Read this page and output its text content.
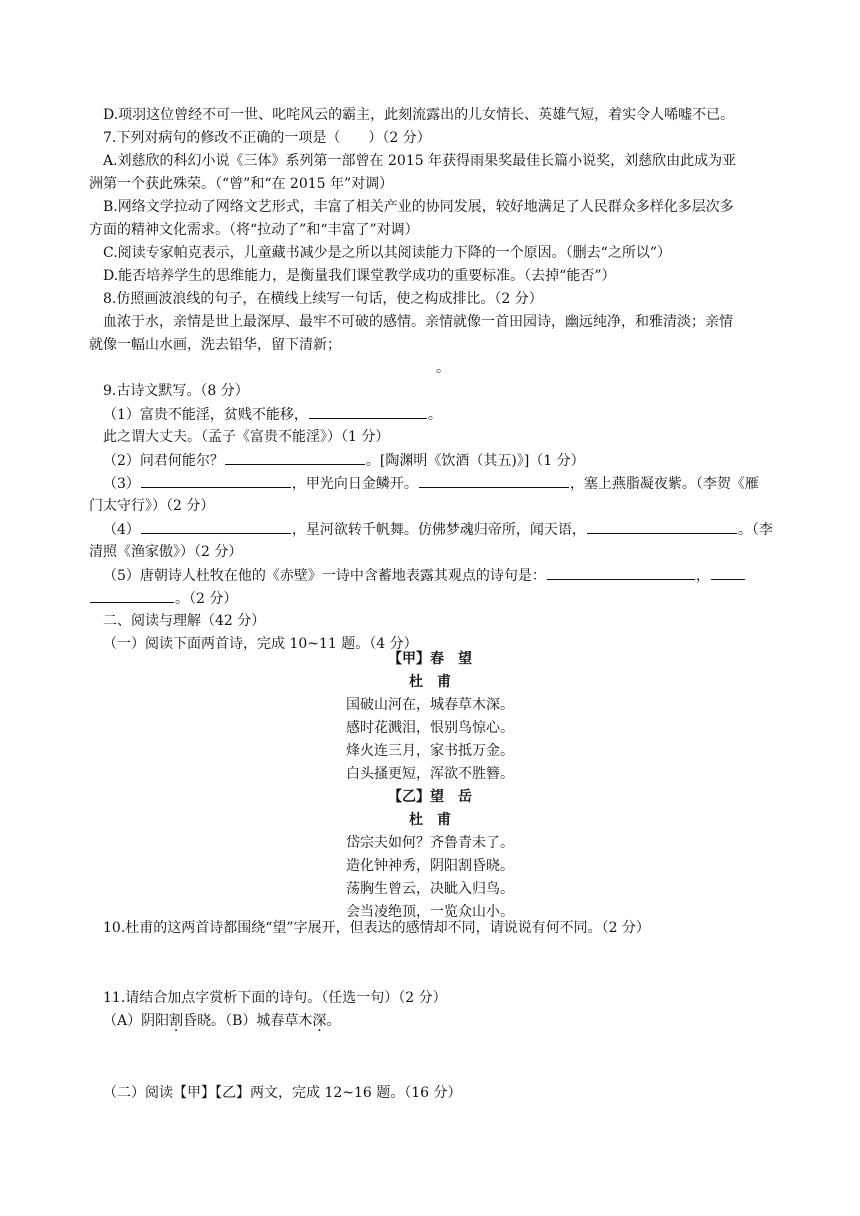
D.项羽这位曾经不可一世、叱咤风云的霸主，此刻流露出的儿女情长、英雄气短，着实令人唏嘘不已。
7.下列对病句的修改不正确的一项是（　　）（2 分）
A.刘慈欣的科幻小说《三体》系列第一部曾在 2015 年获得雨果奖最佳长篇小说奖，刘慈欣由此成为亚
洲第一个获此殊荣。（“曾”和“在 2015 年”对调）
B.网络文学拉动了网络文艺形式，丰富了相关产业的协同发展，较好地满足了人民群众多样化多层次多
方面的精神文化需求。（将“拉动了”和“丰富了”对调）
C.阅读专家帕克表示，儿童藏书减少是之所以其阅读能力下降的一个原因。（删去“之所以”）
D.能否培养学生的思维能力，是衡量我们课堂教学成功的重要标准。（去掉“能否”）
8.仿照画波浪线的句子，在横线上续写一句话，使之构成排比。（2 分）
血浓于水，亲情是世上最深厚、最牢不可破的感情。亲情就像一首田园诗，幽远纯净，和雅清淡；亲情
就像一幅山水画，洗去铅华，留下清新；
。
9.古诗文默写。（8 分）
（1）富贵不能淫，贫贱不能移，	。
此之谓大丈夫。（孟子《富贵不能淫》）（1 分）
（2）问君何能尔？	。[陶渊明《饮酒（其五)》]（1 分）
（3）	，甲光向日金鳞开。	，塞上燕脂凝夜紫。（李贺《雁
门太守行》）（2 分）
（4）	，星河欲转千帆舞。仿佛梦魂归帝所，闻天语，	。（李
清照《渔家傲》）（2 分）
（5）唐朝诗人杜牧在他的《赤壁》一诗中含蓄地表露其观点的诗句是：	，
。（2 分）
二、阅读与理解（42 分）
（一）阅读下面两首诗，完成 10~11 题。（4 分）
【甲】春　望
杜　甫
国破山河在，城春草木深。
感时花溅泪，恨别鸟惊心。
烽火连三月，家书抵万金。
白头搔更短，浑欲不胜簪。
【乙】望　岳
杜　甫
岱宗夫如何？齐鲁青未了。
造化钟神秀，阴阳割昏晓。
荡胸生曾云，决眦入归鸟。
会当凌绝顶，一览众山小。
10.杜甫的这两首诗都围绕“望”字展开，但表达的感情却不同，请说说有何不同。（2 分）
11.请结合加点字赏析下面的诗句。（任选一句）（2 分）
（A）阴阳割昏晓。（B）城春草木深。
（二）阅读【甲】【乙】两文，完成 12~16 题。（16 分）
